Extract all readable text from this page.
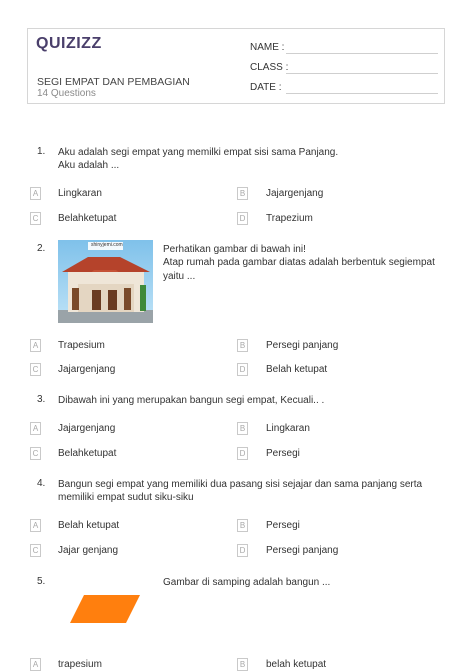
QUIZIZZ
SEGI EMPAT DAN PEMBAGIAN
14 Questions
NAME :
CLASS :
DATE :
1. Aku adalah segi empat yang memilki empat sisi sama Panjang.
Aku adalah ...
A Lingkaran	B Jajargenjang
C Belahketupat	D Trapezium
2.	shinyjemi.com	Perhatikan gambar di bawah ini!
Atap rumah pada gambar diatas adalah berbentuk segiempat
yaitu ...
A Trapesium	B Persegi panjang
C Jajargenjang	D Belah ketupat
3. Dibawah ini yang merupakan bangun segi empat, Kecuali.. .
A Jajargenjang	B Lingkaran
C Belahketupat	D Persegi
4. Bangun segi empat yang memiliki dua pasang sisi sejajar dan sama panjang serta
memiliki empat sudut siku-siku
A Belah ketupat	B Persegi
C Jajar genjang	D Persegi panjang
5.	Gambar di samping adalah bangun ...
A trapesium	B belah ketupat
